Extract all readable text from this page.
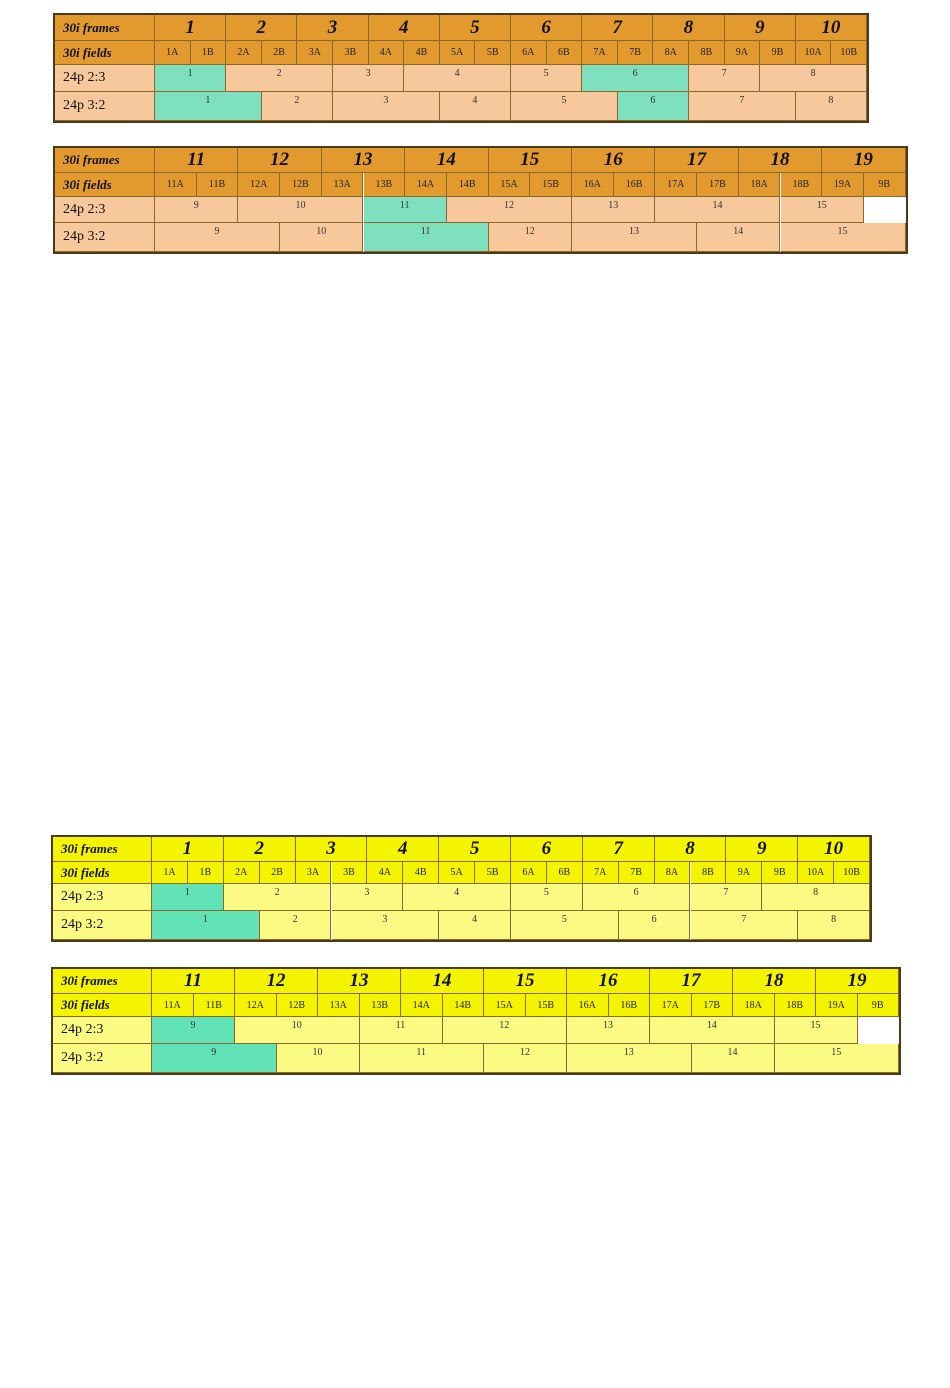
30i frames	1	2	3	4	5	6	7	8	9	10
30i fields	1A	1B	2A	2B	3A	3B	4A	4B	5A	5B	6A	6B	7A	7B	8A	8B	9A	9B	10A	10B
24p 2:3	1	2	3	4	5	6	7	8
24p 3:2	1	2	3	4	5	6	7	8
30i frames	11	12	13	14	15	16	17	18	19
30i fields	11A	11B	12A	12B	13A	13B	14A	14B	15A	15B	16A	16B	17A	17B	18A	18B	19A	9B
24p 2:3	9	10	11	12	13	14	15
24p 3:2	9	10	11	12	13	14	15
30i frames	1	2	3	4	5	6	7	8	9	10
30i fields	1A	1B	2A	2B	3A	3B	4A	4B	5A	5B	6A	6B	7A	7B	8A	8B	9A	9B	10A	10B
24p 2:3	1	2	3	4	5	6	7	8
24p 3:2	1	2	3	4	5	6	7	8
30i frames	11	12	13	14	15	16	17	18	19
30i fields	11A	11B	12A	12B	13A	13B	14A	14B	15A	15B	16A	16B	17A	17B	18A	18B	19A	9B
24p 2:3	9	10	11	12	13	14	15
24p 3:2	9	10	11	12	13	14	15
